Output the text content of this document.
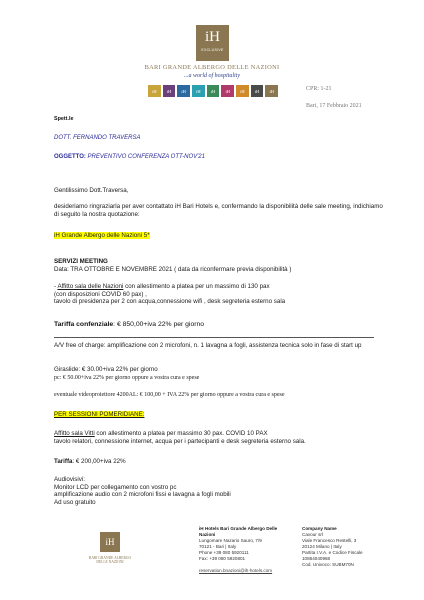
iH
EXCLUSIVE
BARI GRANDE ALBERGO DELLE NAZIONI
...a world of hospitality
iH	iH	iH	iH	iH	iH	iH	iH	iH	CPR: 1-21
Bari, 17 Febbraio 2021
Spett.le
DOTT. FERNANDO TRAVERSA
OGGETTO: PREVENTIVO CONFERENZA OTT-NOV'21
Gentilissimo Dott.Traversa,
desideriamo ringraziarla per aver contattato iH Bari Hotels e, confermando la disponibilità delle sale meeting, indichiamo di seguito la nostra quotazione:
iH Grande Albergo delle Nazioni 5*
SERVIZI MEETING
Data: TRA OTTOBRE E NOVEMBRE 2021 ( data da riconfermare previa disponibilità )
- Affitto sala delle Nazioni con allestimento a platea per un massimo di 130 pax
(con disposizioni COVID 60 pax) ,
tavolo di presidenza per 2 con acqua,connessione wifi , desk segreteria esterno sala
Tariffa confenziale: € 850,00+iva 22% per giorno
A/V free of charge: amplificazione con 2 microfoni, n. 1 lavagna a fogli, assistenza tecnica solo in fase di start up
Giraslide: € 30.00+iva 22% per giorno
pc: € 50.00+iva 22% per giorno oppure a vostra cura e spese
eventuale videoproiettore 4200AL: € 100,00 + IVA 22% per giorno oppure a vostra cura e spese
PER SESSIONI POMERIDIANE:
Affitto sala Vitti con allestimento a platea per massimo 30 pax. COVID 10 PAX
tavolo relatori, connessione internet, acqua per i partecipanti e desk segreteria esterno sala.
Tariffa: € 200,00+iva 22%
Audiovisivi:
Monitor LCD per collegamento con vostro pc
amplificazione audio con 2 microfoni fissi e lavagna a fogli mobili
Ad uso gratuito
iH
BARI GRANDE ALBERGO DELLE NAZIONI
iH Hotels Bari Grande Albergo Delle
Nazioni
Lungomare Nazario Sauro, 7/9
70121 - Bari | Italy
Phone +39 080 5920111
Fax: +39 080 5920801

reservation.bnazioni@ih-hotels.com
Company Name
Cavour srl
Viale Francesco Restelli, 3
20124 Milano | Italy
Partita I.V.A. e Codice Fiscale
10864040968
Cod. Univoco: SUBM70N
